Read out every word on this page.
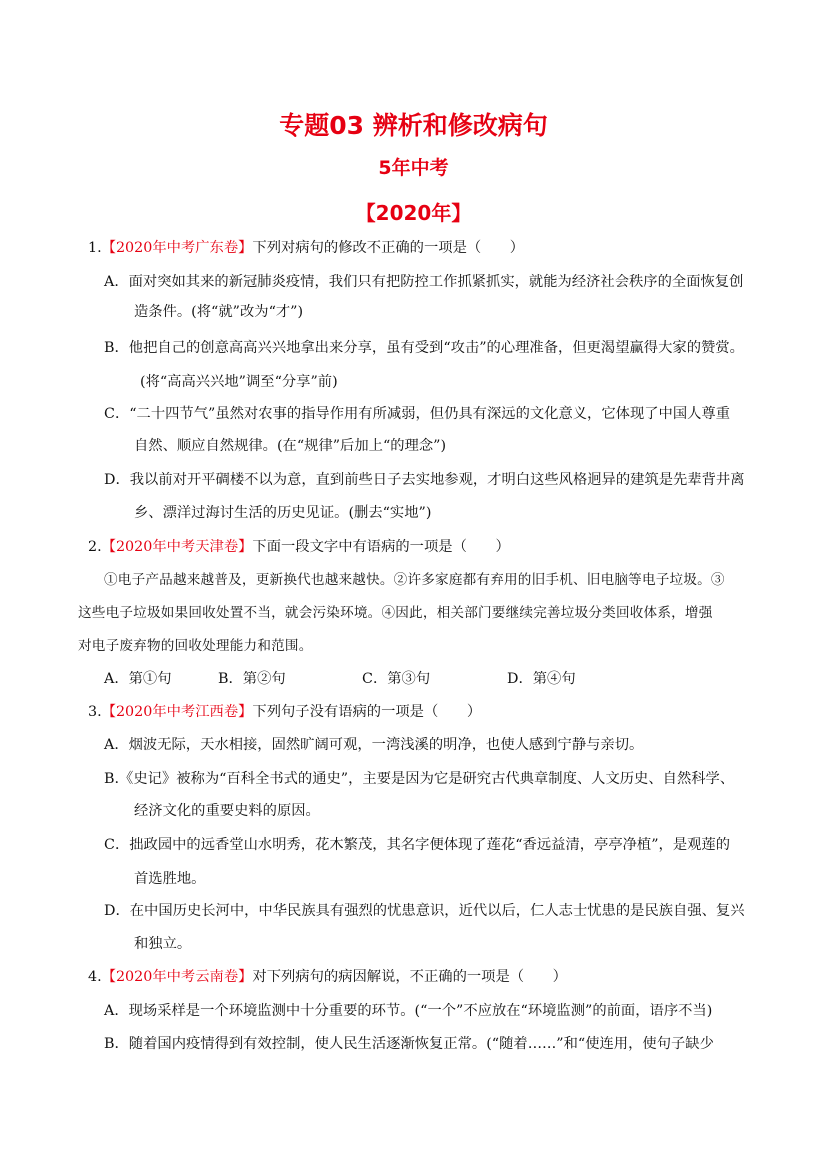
专题03 辨析和修改病句
5年中考
【2020年】
1.【2020年中考广东卷】下列对病句的修改不正确的一项是（　　）
A．面对突如其来的新冠肺炎疫情，我们只有把防控工作抓紧抓实，就能为经济社会秩序的全面恢复创
造条件。(将“就”改为“才”)
B．他把自己的创意高高兴兴地拿出来分享，虽有受到“攻击”的心理准备，但更渴望赢得大家的赞赏。
(将“高高兴兴地”调至“分享”前)
C．“二十四节气”虽然对农事的指导作用有所减弱，但仍具有深远的文化意义，它体现了中国人尊重
自然、顺应自然规律。(在“规律”后加上“的理念”)
D．我以前对开平碉楼不以为意，直到前些日子去实地参观，才明白这些风格迥异的建筑是先辈背井离
乡、漂洋过海讨生活的历史见证。(删去“实地”)
2.【2020年中考天津卷】下面一段文字中有语病的一项是（　　）
①电子产品越来越普及，更新换代也越来越快。②许多家庭都有弃用的旧手机、旧电脑等电子垃圾。③
这些电子垃圾如果回收处置不当，就会污染环境。④因此，相关部门要继续完善垃圾分类回收体系，增强
对电子废弃物的回收处理能力和范围。
A．第①句	B．第②句	C．第③句	D．第④句
3.【2020年中考江西卷】下列句子没有语病的一项是（　　）
A．烟波无际，天水相接，固然旷阔可观，一湾浅溪的明净，也使人感到宁静与亲切。
B.《史记》被称为“百科全书式的通史”，主要是因为它是研究古代典章制度、人文历史、自然科学、
经济文化的重要史料的原因。
C．拙政园中的远香堂山水明秀，花木繁茂，其名字便体现了莲花“香远益清，亭亭净植”，是观莲的
首选胜地。
D．在中国历史长河中，中华民族具有强烈的忧患意识，近代以后，仁人志士忧患的是民族自强、复兴
和独立。
4.【2020年中考云南卷】对下列病句的病因解说，不正确的一项是（　　）
A．现场采样是一个环境监测中十分重要的环节。(“一个”不应放在“环境监测”的前面，语序不当)
B．随着国内疫情得到有效控制，使人民生活逐渐恢复正常。(“随着……”和“使连用，使句子缺少
